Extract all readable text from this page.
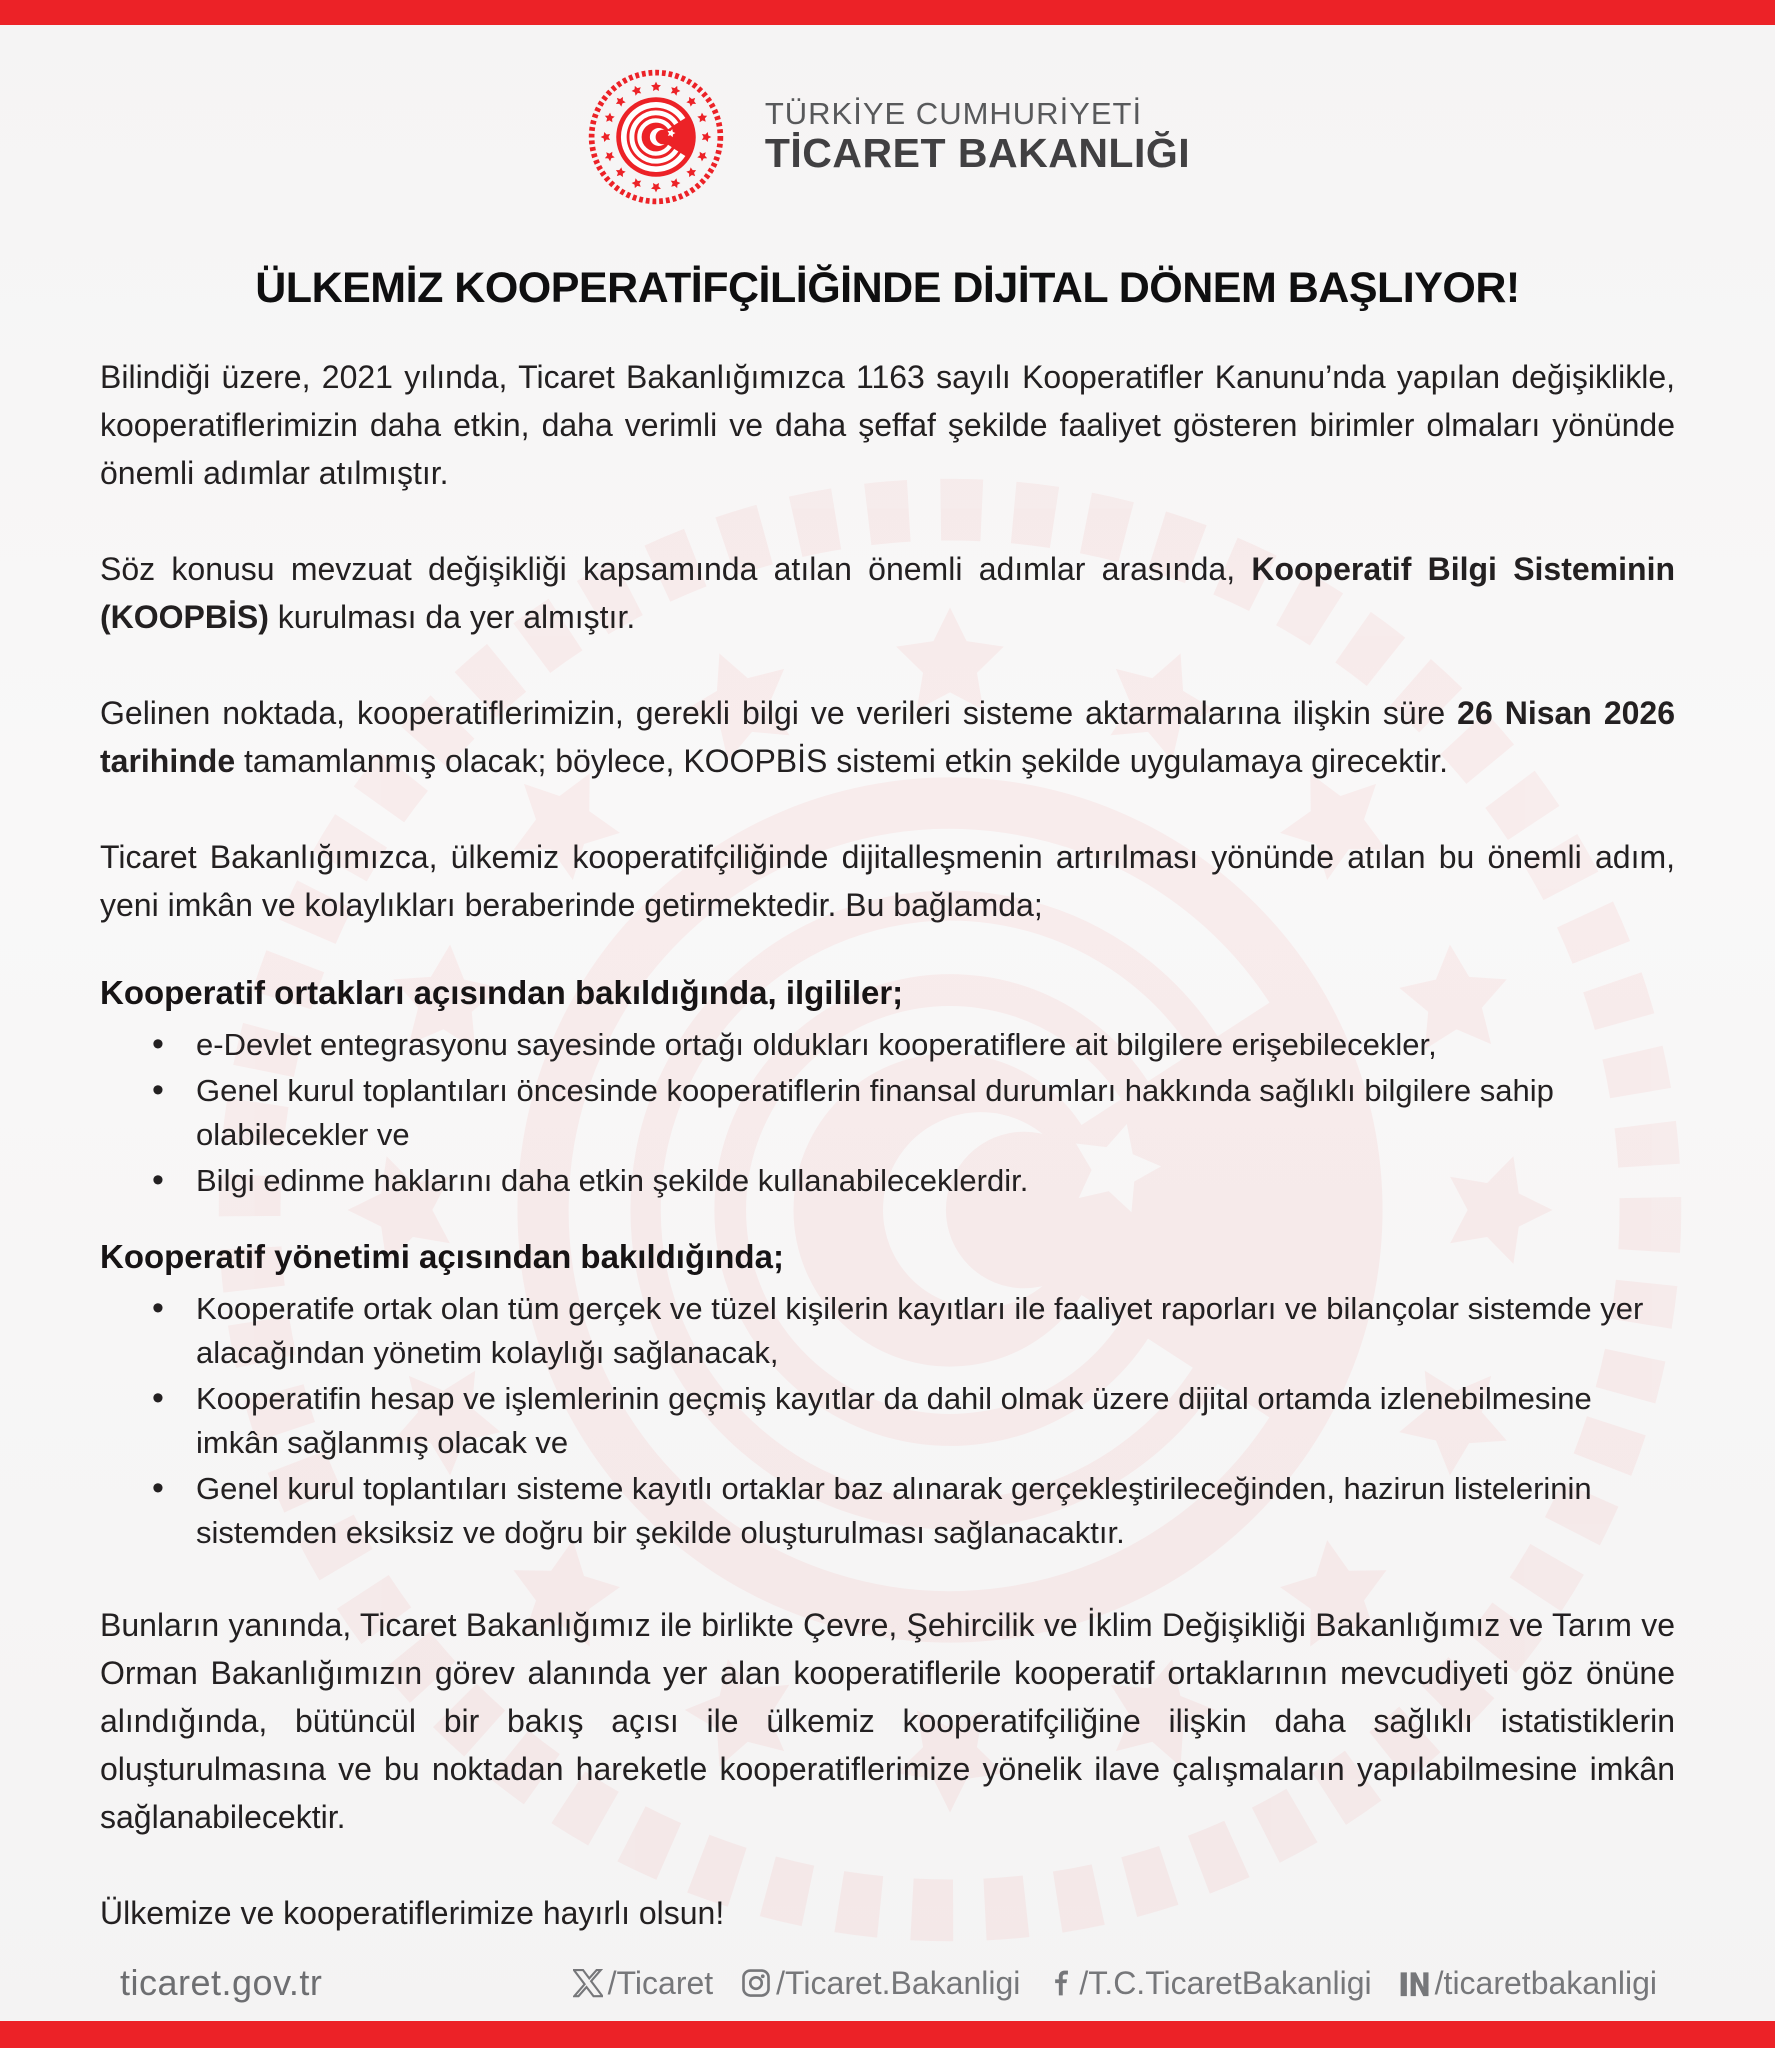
TÜRKİYE CUMHURİYETİ
TİCARET BAKANLIĞI
ÜLKEMİZ KOOPERATİFÇİLİĞİNDE DİJİTAL DÖNEM BAŞLIYOR!

Bilindiği üzere, 2021 yılında, Ticaret Bakanlığımızca 1163 sayılı Kooperatifler Kanunu’nda yapılan değişiklikle, kooperatiflerimizin daha etkin, daha verimli ve daha şeffaf şekilde faaliyet gösteren birimler olmaları yönünde önemli adımlar atılmıştır.

Söz konusu mevzuat değişikliği kapsamında atılan önemli adımlar arasında, Kooperatif Bilgi Sisteminin (KOOPBİS) kurulması da yer almıştır.

Gelinen noktada, kooperatiflerimizin, gerekli bilgi ve verileri sisteme aktarmalarına ilişkin süre 26 Nisan 2026 tarihinde tamamlanmış olacak; böylece, KOOPBİS sistemi etkin şekilde uygulamaya girecektir.

Ticaret Bakanlığımızca, ülkemiz kooperatifçiliğinde dijitalleşmenin artırılması yönünde atılan bu önemli adım, yeni imkân ve kolaylıkları beraberinde getirmektedir. Bu bağlamda;

Kooperatif ortakları açısından bakıldığında, ilgililer;
• e-Devlet entegrasyonu sayesinde ortağı oldukları kooperatiflere ait bilgilere erişebilecekler,
• Genel kurul toplantıları öncesinde kooperatiflerin finansal durumları hakkında sağlıklı bilgilere sahip olabilecekler ve
• Bilgi edinme haklarını daha etkin şekilde kullanabileceklerdir.
Kooperatif yönetimi açısından bakıldığında;
• Kooperatife ortak olan tüm gerçek ve tüzel kişilerin kayıtları ile faaliyet raporları ve bilançolar sistemde yer alacağından yönetim kolaylığı sağlanacak,
• Kooperatifin hesap ve işlemlerinin geçmiş kayıtlar da dahil olmak üzere dijital ortamda izlenebilmesine imkân sağlanmış olacak ve
• Genel kurul toplantıları sisteme kayıtlı ortaklar baz alınarak gerçekleştirileceğinden, hazirun listelerinin sistemden eksiksiz ve doğru bir şekilde oluşturulması sağlanacaktır.

Bunların yanında, Ticaret Bakanlığımız ile birlikte Çevre, Şehircilik ve İklim Değişikliği Bakanlığımız ve Tarım ve Orman Bakanlığımızın görev alanında yer alan kooperatiflerile kooperatif ortaklarının mevcudiyeti göz önüne alındığında, bütüncül bir bakış açısı ile ülkemiz kooperatifçiliğine ilişkin daha sağlıklı istatistiklerin oluşturulmasına ve bu noktadan hareketle kooperatiflerimize yönelik ilave çalışmaların yapılabilmesine imkân sağlanabilecektir.

Ülkemize ve kooperatiflerimize hayırlı olsun!

ticaret.gov.tr	/Ticaret /Ticaret.Bakanligi /T.C.TicaretBakanligi /ticaretbakanligi
